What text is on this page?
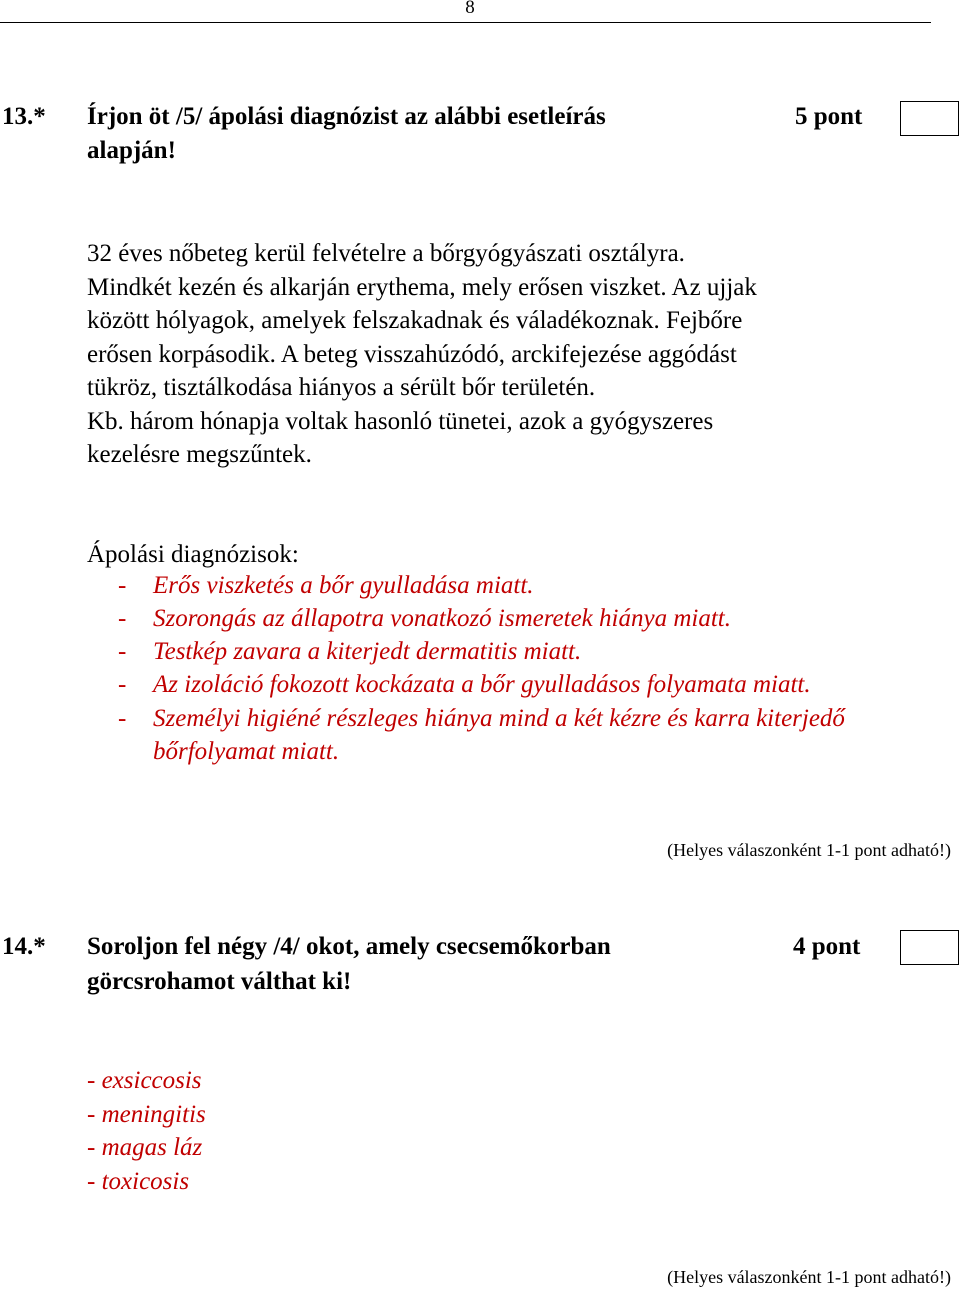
8
13.* Írjon öt /5/ ápolási diagnózist az alábbi esetleírás
alapján!
5 pont
32 éves nőbeteg kerül felvételre a bőrgyógyászati osztályra.
Mindkét kezén és alkarján erythema, mely erősen viszket. Az ujjak
között hólyagok, amelyek felszakadnak és váladékoznak. Fejbőre
erősen korpásodik. A beteg visszahúzódó, arckifejezése aggódást
tükröz, tisztálkodása hiányos a sérült bőr területén.
Kb. három hónapja voltak hasonló tünetei, azok a gyógyszeres
kezelésre megszűntek.
Ápolási diagnózisok:
- Erős viszketés a bőr gyulladása miatt.
- Szorongás az állapotra vonatkozó ismeretek hiánya miatt.
- Testkép zavara a kiterjedt dermatitis miatt.
- Az izoláció fokozott kockázata a bőr gyulladásos folyamata miatt.
- Személyi higiéné részleges hiánya mind a két kézre és karra kiterjedő
bőrfolyamat miatt.
(Helyes válaszonként 1-1 pont adható!)
14.* Soroljon fel négy /4/ okot, amely csecsemőkorban
görcsrohamot válthat ki!
4 pont
- exsiccosis
- meningitis
- magas láz
- toxicosis
(Helyes válaszonként 1-1 pont adható!)
